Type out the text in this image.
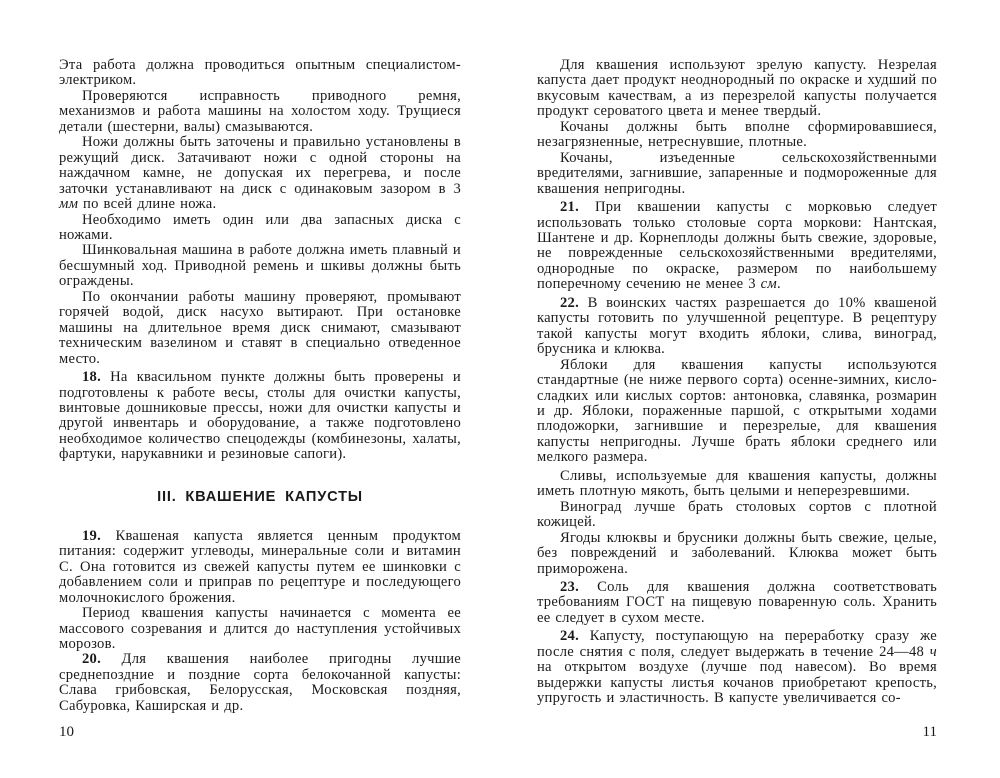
Эта работа должна проводиться опытным специалистом-электриком.

Проверяются исправность приводного ремня, механизмов и работа машины на холостом ходу. Трущиеся детали (шестерни, валы) смазываются.

Ножи должны быть заточены и правильно установлены в режущий диск. Затачивают ножи с одной стороны на наждачном камне, не допуская их перегрева, и после заточки устанавливают на диск с одинаковым зазором в 3 мм по всей длине ножа.

Необходимо иметь один или два запасных диска с ножами.

Шинковальная машина в работе должна иметь плавный и бесшумный ход. Приводной ремень и шкивы должны быть ограждены.

По окончании работы машину проверяют, промывают горячей водой, диск насухо вытирают. При остановке машины на длительное время диск снимают, смазывают техническим вазелином и ставят в специально отведенное место.

18. На квасильном пункте должны быть проверены и подготовлены к работе весы, столы для очистки капусты, винтовые дошниковые прессы, ножи для очистки капусты и другой инвентарь и оборудование, а также подготовлено необходимое количество спецодежды (комбинезоны, халаты, фартуки, нарукавники и резиновые сапоги).

III. КВАШЕНИЕ КАПУСТЫ

19. Квашеная капуста является ценным продуктом питания: содержит углеводы, минеральные соли и витамин С. Она готовится из свежей капусты путем ее шинковки с добавлением соли и приправ по рецептуре и последующего молочнокислого брожения.

Период квашения капусты начинается с момента ее массового созревания и длится до наступления устойчивых морозов.

20. Для квашения наиболее пригодны лучшие среднепоздние и поздние сорта белокочанной капусты: Слава грибовская, Белорусская, Московская поздняя, Сабуровка, Каширская и др.

10

Для квашения используют зрелую капусту. Незрелая капуста дает продукт неоднородный по окраске и худший по вкусовым качествам, а из перезрелой капусты получается продукт сероватого цвета и менее твердый.

Кочаны должны быть вполне сформировавшиеся, незагрязненные, нетреснувшие, плотные.

Кочаны, изъеденные сельскохозяйственными вредителями, загнившие, запаренные и подмороженные для квашения непригодны.

21. При квашении капусты с морковью следует использовать только столовые сорта моркови: Нантская, Шантене и др. Корнеплоды должны быть свежие, здоровые, не поврежденные сельскохозяйственными вредителями, однородные по окраске, размером по наибольшему поперечному сечению не менее 3 см.

22. В воинских частях разрешается до 10% квашеной капусты готовить по улучшенной рецептуре. В рецептуру такой капусты могут входить яблоки, слива, виноград, брусника и клюква.

Яблоки для квашения капусты используются стандартные (не ниже первого сорта) осенне-зимних, кисло-сладких или кислых сортов: антоновка, славянка, розмарин и др. Яблоки, пораженные паршой, с открытыми ходами плодожорки, загнившие и перезрелые, для квашения капусты непригодны. Лучше брать яблоки среднего или мелкого размера.

Сливы, используемые для квашения капусты, должны иметь плотную мякоть, быть целыми и неперезревшими.

Виноград лучше брать столовых сортов с плотной кожицей.

Ягоды клюквы и брусники должны быть свежие, целые, без повреждений и заболеваний. Клюква может быть приморожена.

23. Соль для квашения должна соответствовать требованиям ГОСТ на пищевую поваренную соль. Хранить ее следует в сухом месте.

24. Капусту, поступающую на переработку сразу же после снятия с поля, следует выдержать в течение 24—48 ч на открытом воздухе (лучше под навесом). Во время выдержки капусты листья кочанов приобретают крепость, упругость и эластичность. В капусте увеличивается со-

11
